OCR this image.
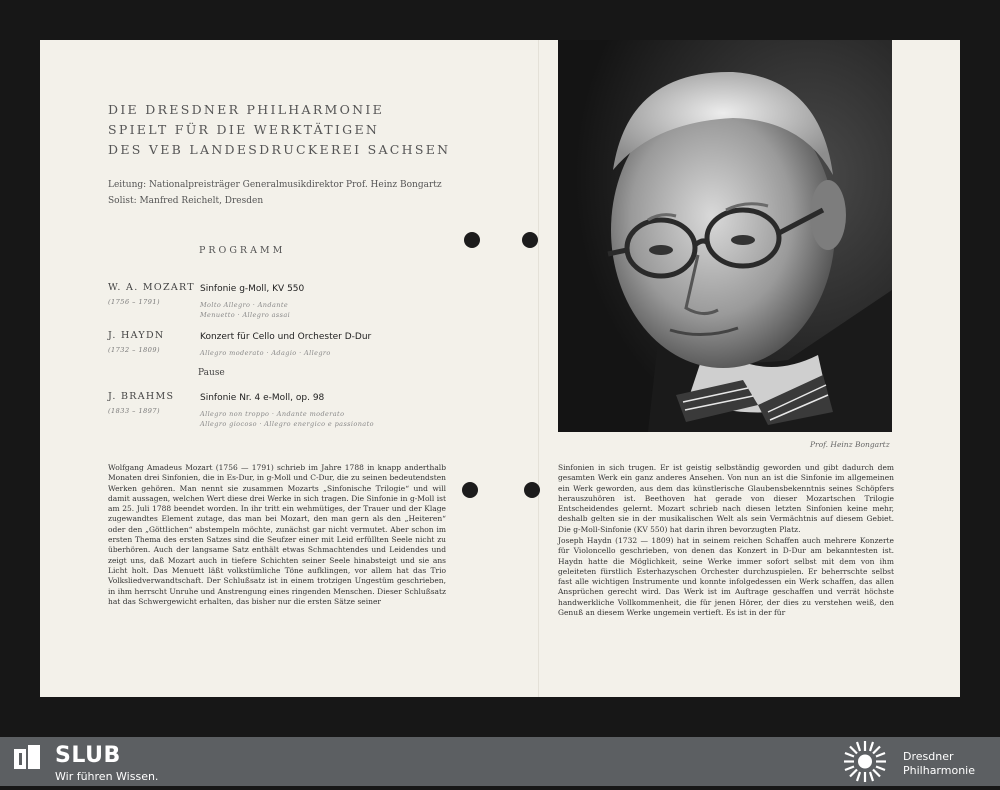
DIE DRESDNER PHILHARMONIE
SPIELT FÜR DIE WERKTÄTIGEN
DES VEB LANDESDRUCKEREI SACHSEN
Leitung: Nationalpreisträger Generalmusikdirektor Prof. Heinz Bongartz
Solist: Manfred Reichelt, Dresden
PROGRAMM
W. A. MOZART
(1756 – 1791)
Sinfonie g-Moll, KV 550
Molto Allegro · Andante
Menuetto · Allegro assai
J. HAYDN
(1732 – 1809)
Konzert für Cello und Orchester D-Dur
Allegro moderato · Adagio · Allegro
Pause
J. BRAHMS
(1833 – 1897)
Sinfonie Nr. 4 e-Moll, op. 98
Allegro non troppo · Andante moderato
Allegro giocoso · Allegro energico e passionato
Prof. Heinz Bongartz

Wolfgang Amadeus Mozart (1756 — 1791) schrieb im Jahre 1788 in knapp anderthalb Monaten drei Sinfonien, die in Es-Dur, in g-Moll und C-Dur, die zu seinen bedeutendsten Werken gehören. Man nennt sie zusammen Mozarts „Sinfonische Trilogie“ und will damit aussagen, welchen Wert diese drei Werke in sich tragen. Die Sinfonie in g-Moll ist am 25. Juli 1788 beendet worden. In ihr tritt ein wehmütiges, der Trauer und der Klage zugewandtes Element zutage, das man bei Mozart, den man gern als den „Heiteren“ oder den „Göttlichen“ abstempeln möchte, zunächst gar nicht vermutet. Aber schon im ersten Thema des ersten Satzes sind die Seufzer einer mit Leid erfüllten Seele nicht zu überhören. Auch der langsame Satz enthält etwas Schmachtendes und Leidendes und zeigt uns, daß Mozart auch in tiefere Schichten seiner Seele hinabsteigt und sie ans Licht holt. Das Menuett läßt volkstümliche Töne aufklingen, vor allem hat das Trio Volksliedverwandtschaft. Der Schlußsatz ist in einem trotzigen Ungestüm geschrieben, in ihm herrscht Unruhe und Anstrengung eines ringenden Menschen. Dieser Schlußsatz hat das Schwergewicht erhalten, das bisher nur die ersten Sätze seiner

Sinfonien in sich trugen. Er ist geistig selbständig geworden und gibt dadurch dem gesamten Werk ein ganz anderes Ansehen. Von nun an ist die Sinfonie im allgemeinen ein Werk geworden, aus dem das künstlerische Glaubensbekenntnis seines Schöpfers herauszuhören ist. Beethoven hat gerade von dieser Mozartschen Trilogie Entscheidendes gelernt. Mozart schrieb nach diesen letzten Sinfonien keine mehr, deshalb gelten sie in der musikalischen Welt als sein Vermächtnis auf diesem Gebiet. Die g-Moll-Sinfonie (KV 550) hat darin ihren bevorzugten Platz.

Joseph Haydn (1732 — 1809) hat in seinem reichen Schaffen auch mehrere Konzerte für Violoncello geschrieben, von denen das Konzert in D-Dur am bekanntesten ist. Haydn hatte die Möglichkeit, seine Werke immer sofort selbst mit dem von ihm geleiteten fürstlich Esterhazyschen Orchester durchzuspielen. Er beherrschte selbst fast alle wichtigen Instrumente und konnte infolgedessen ein Werk schaffen, das allen Ansprüchen gerecht wird. Das Werk ist im Auftrage geschaffen und verrät höchste handwerkliche Vollkommenheit, die für jenen Hörer, der dies zu verstehen weiß, den Genuß an diesem Werke ungemein vertieft. Es ist in der für

SLUB
Wir führen Wissen.
Dresdner
Philharmonie
